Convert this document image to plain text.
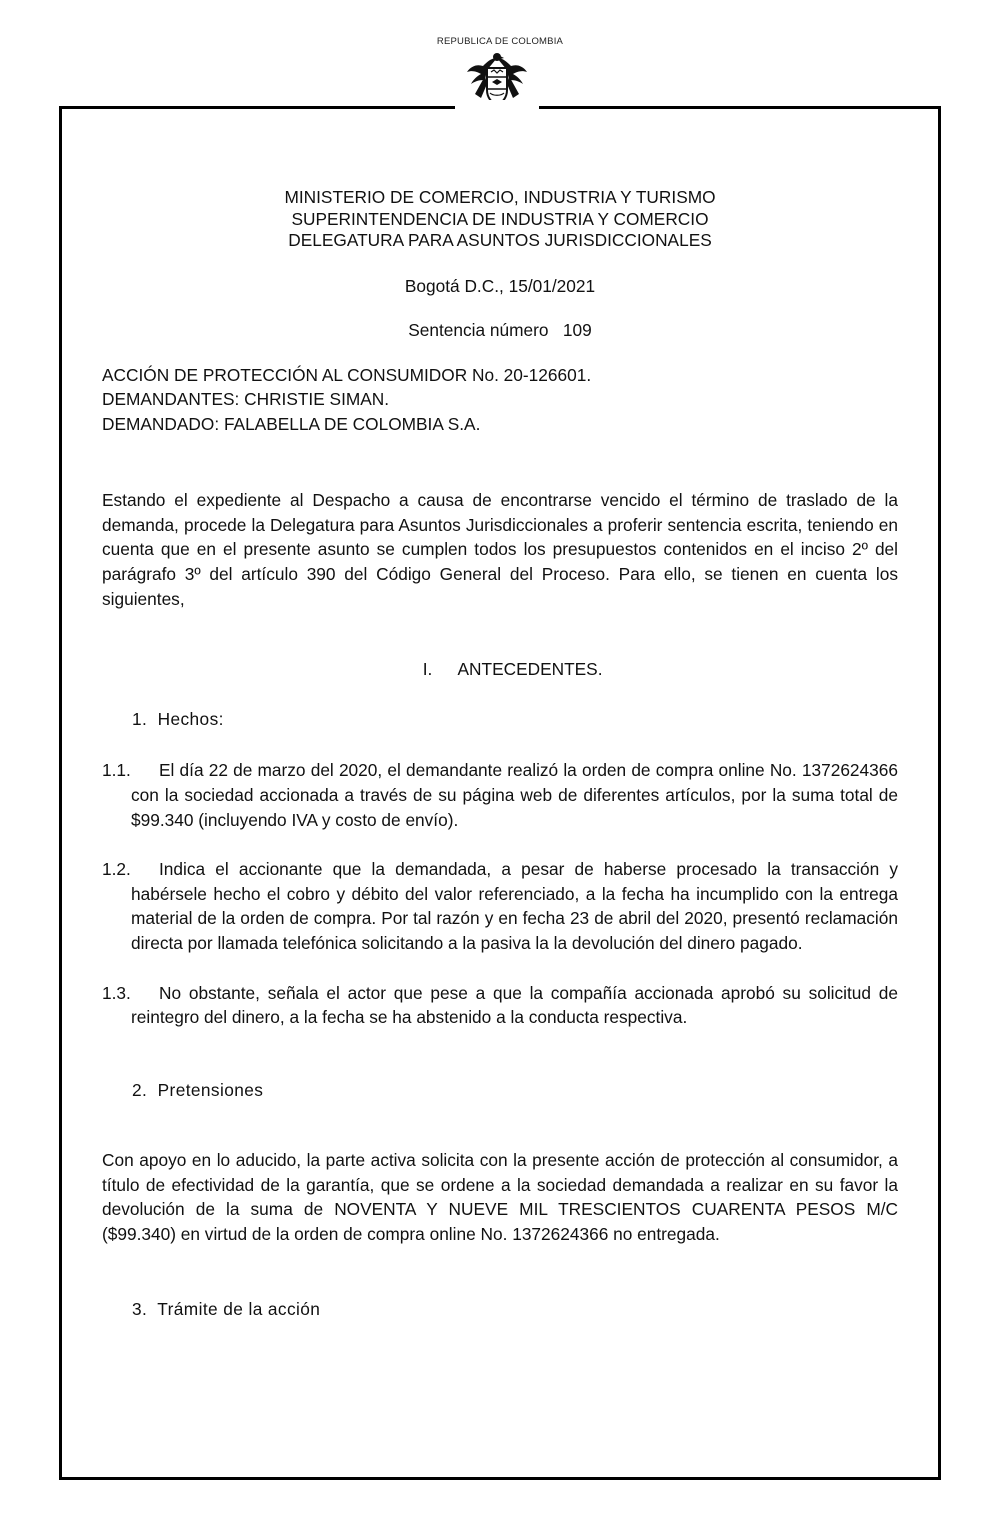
REPUBLICA DE COLOMBIA
MINISTERIO DE COMERCIO, INDUSTRIA Y TURISMO
SUPERINTENDENCIA DE INDUSTRIA Y COMERCIO
DELEGATURA PARA ASUNTOS JURISDICCIONALES
Bogotá D.C., 15/01/2021
Sentencia número   109
ACCIÓN DE PROTECCIÓN AL CONSUMIDOR No. 20-126601.
DEMANDANTES: CHRISTIE SIMAN.
DEMANDADO: FALABELLA DE COLOMBIA S.A.

Estando el expediente al Despacho a causa de encontrarse vencido el término de traslado de la demanda, procede la Delegatura para Asuntos Jurisdiccionales a proferir sentencia escrita, teniendo en cuenta que en el presente asunto se cumplen todos los presupuestos contenidos en el inciso 2º del parágrafo 3º del artículo 390 del Código General del Proceso. Para ello, se tienen en cuenta los siguientes,

I. ANTECEDENTES.
1.  Hechos:
1.1. El día 22 de marzo del 2020, el demandante realizó la orden de compra online No. 1372624366 con la sociedad accionada a través de su página web de diferentes artículos, por la suma total de $99.340 (incluyendo IVA y costo de envío).
1.2. Indica el accionante que la demandada, a pesar de haberse procesado la transacción y habérsele hecho el cobro y débito del valor referenciado, a la fecha ha incumplido con la entrega material de la orden de compra. Por tal razón y en fecha 23 de abril del 2020, presentó reclamación directa por llamada telefónica solicitando a la pasiva la la devolución del dinero pagado.
1.3. No obstante, señala el actor que pese a que la compañía accionada aprobó su solicitud de reintegro del dinero, a la fecha se ha abstenido a la conducta respectiva.
2.  Pretensiones

Con apoyo en lo aducido, la parte activa solicita con la presente acción de protección al consumidor, a título de efectividad de la garantía, que se ordene a la sociedad demandada a realizar en su favor la devolución de la suma de NOVENTA Y NUEVE MIL TRESCIENTOS CUARENTA PESOS M/C ($99.340) en virtud de la orden de compra online No. 1372624366 no entregada.

3.  Trámite de la acción
